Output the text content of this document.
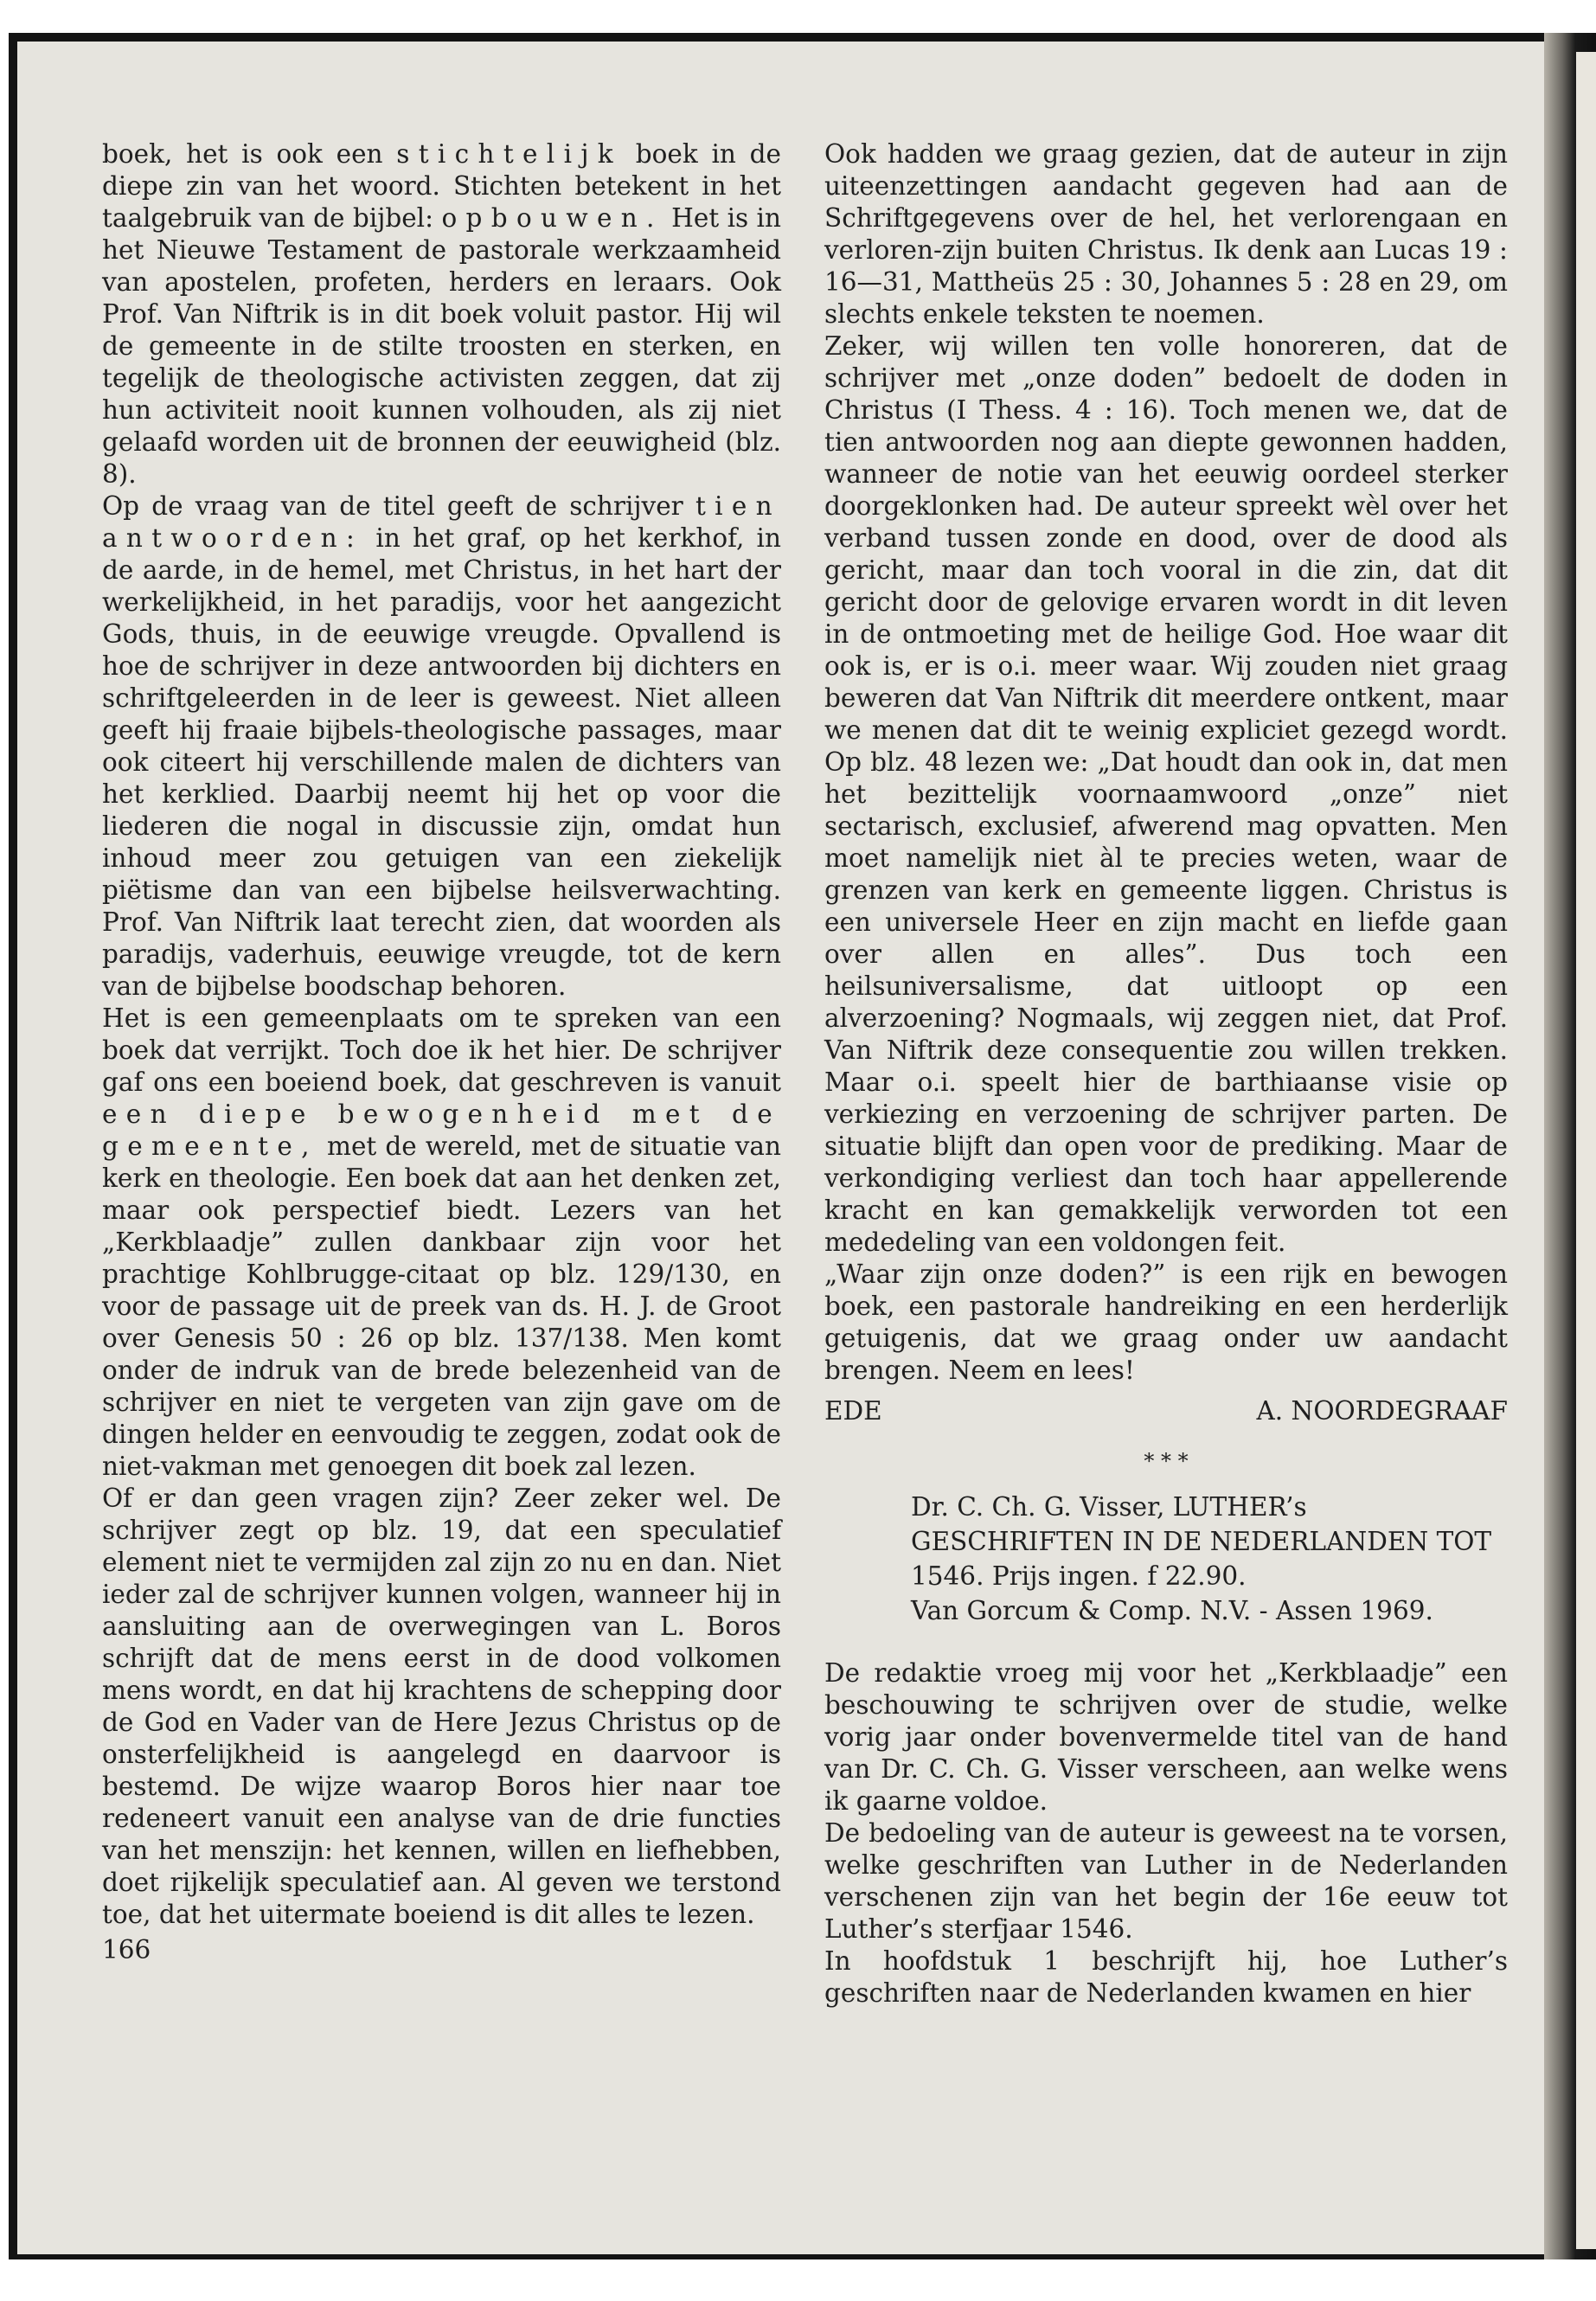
boek, het is ook een stichtelijk boek in de diepe zin van het woord. Stichten betekent in het taalgebruik van de bijbel: opbouwen. Het is in het Nieuwe Testament de pastorale werkzaamheid van apostelen, profeten, herders en leraars. Ook Prof. Van Niftrik is in dit boek voluit pastor. Hij wil de gemeente in de stilte troosten en sterken, en tegelijk de theologische activisten zeggen, dat zij hun activiteit nooit kunnen volhouden, als zij niet gelaafd worden uit de bronnen der eeuwigheid (blz. 8).

Op de vraag van de titel geeft de schrijver tien antwoorden: in het graf, op het kerkhof, in de aarde, in de hemel, met Christus, in het hart der werkelijkheid, in het paradijs, voor het aangezicht Gods, thuis, in de eeuwige vreugde. Opvallend is hoe de schrijver in deze antwoorden bij dichters en schriftgeleerden in de leer is geweest. Niet alleen geeft hij fraaie bijbels-theologische passages, maar ook citeert hij verschillende malen de dichters van het kerklied. Daarbij neemt hij het op voor die liederen die nogal in discussie zijn, omdat hun inhoud meer zou getuigen van een ziekelijk piëtisme dan van een bijbelse heilsverwachting. Prof. Van Niftrik laat terecht zien, dat woorden als paradijs, vaderhuis, eeuwige vreugde, tot de kern van de bijbelse boodschap behoren.

Het is een gemeenplaats om te spreken van een boek dat verrijkt. Toch doe ik het hier. De schrijver gaf ons een boeiend boek, dat geschreven is vanuit een diepe bewogenheid met de gemeente, met de wereld, met de situatie van kerk en theologie. Een boek dat aan het denken zet, maar ook perspectief biedt. Lezers van het „Kerkblaadje” zullen dankbaar zijn voor het prachtige Kohlbrugge-citaat op blz. 129/130, en voor de passage uit de preek van ds. H. J. de Groot over Genesis 50 : 26 op blz. 137/138. Men komt onder de indruk van de brede belezenheid van de schrijver en niet te vergeten van zijn gave om de dingen helder en eenvoudig te zeggen, zodat ook de niet-vakman met genoegen dit boek zal lezen.

Of er dan geen vragen zijn? Zeer zeker wel. De schrijver zegt op blz. 19, dat een speculatief element niet te vermijden zal zijn zo nu en dan. Niet ieder zal de schrijver kunnen volgen, wanneer hij in aansluiting aan de overwegingen van L. Boros schrijft dat de mens eerst in de dood volkomen mens wordt, en dat hij krachtens de schepping door de God en Vader van de Here Jezus Christus op de onsterfelijkheid is aangelegd en daarvoor is bestemd. De wijze waarop Boros hier naar toe redeneert vanuit een analyse van de drie functies van het menszijn: het kennen, willen en liefhebben, doet rijkelijk speculatief aan. Al geven we terstond toe, dat het uitermate boeiend is dit alles te lezen.

166

Ook hadden we graag gezien, dat de auteur in zijn uiteenzettingen aandacht gegeven had aan de Schriftgegevens over de hel, het verlorengaan en verloren-zijn buiten Christus. Ik denk aan Lucas 19 : 16—31, Mattheüs 25 : 30, Johannes 5 : 28 en 29, om slechts enkele teksten te noemen.

Zeker, wij willen ten volle honoreren, dat de schrijver met „onze doden” bedoelt de doden in Christus (I Thess. 4 : 16). Toch menen we, dat de tien antwoorden nog aan diepte gewonnen hadden, wanneer de notie van het eeuwig oordeel sterker doorgeklonken had. De auteur spreekt wèl over het verband tussen zonde en dood, over de dood als gericht, maar dan toch vooral in die zin, dat dit gericht door de gelovige ervaren wordt in dit leven in de ontmoeting met de heilige God. Hoe waar dit ook is, er is o.i. meer waar. Wij zouden niet graag beweren dat Van Niftrik dit meerdere ontkent, maar we menen dat dit te weinig expliciet gezegd wordt. Op blz. 48 lezen we: „Dat houdt dan ook in, dat men het bezittelijk voornaamwoord „onze” niet sectarisch, exclusief, afwerend mag opvatten. Men moet namelijk niet àl te precies weten, waar de grenzen van kerk en gemeente liggen. Christus is een universele Heer en zijn macht en liefde gaan over allen en alles”. Dus toch een heilsuniversalisme, dat uitloopt op een alverzoening? Nogmaals, wij zeggen niet, dat Prof. Van Niftrik deze consequentie zou willen trekken. Maar o.i. speelt hier de barthiaanse visie op verkiezing en verzoening de schrijver parten. De situatie blijft dan open voor de prediking. Maar de verkondiging verliest dan toch haar appellerende kracht en kan gemakkelijk verworden tot een mededeling van een voldongen feit.

„Waar zijn onze doden?” is een rijk en bewogen boek, een pastorale handreiking en een herderlijk getuigenis, dat we graag onder uw aandacht brengen. Neem en lees!

EDE	A. NOORDEGRAAF
* * *

Dr. C. Ch. G. Visser, LUTHER’s GESCHRIFTEN IN DE NEDERLANDEN TOT 1546. Prijs ingen. f 22.90.

Van Gorcum & Comp. N.V. - Assen 1969.

De redaktie vroeg mij voor het „Kerkblaadje” een beschouwing te schrijven over de studie, welke vorig jaar onder bovenvermelde titel van de hand van Dr. C. Ch. G. Visser verscheen, aan welke wens ik gaarne voldoe.

De bedoeling van de auteur is geweest na te vorsen, welke geschriften van Luther in de Nederlanden verschenen zijn van het begin der 16e eeuw tot Luther’s sterfjaar 1546.

In hoofdstuk 1 beschrijft hij, hoe Luther’s geschriften naar de Nederlanden kwamen en hier
